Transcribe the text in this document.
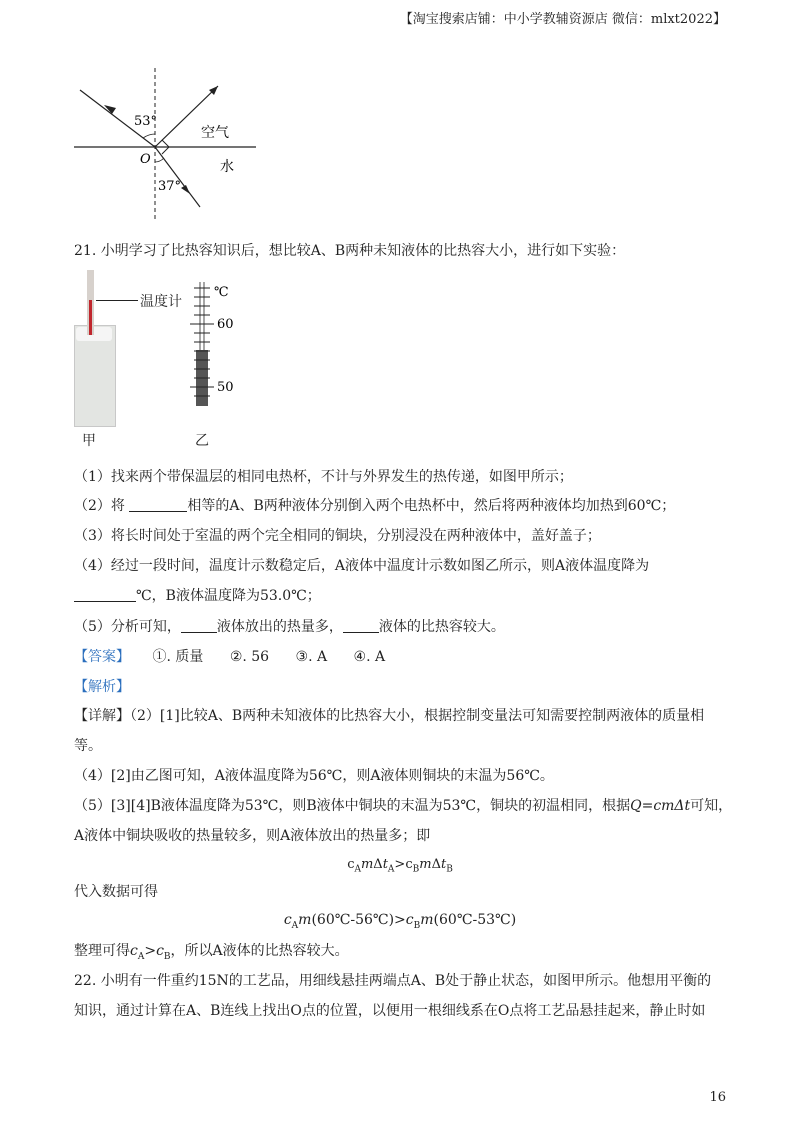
【淘宝搜索店铺：中小学教辅资源店 微信：mlxt2022】
53°
37°
O
空气
水
21. 小明学习了比热容知识后，想比较A、B两种未知液体的比热容大小，进行如下实验：
温度计
甲
℃
60
50
乙
（1）找来两个带保温层的相同电热杯，不计与外界发生的热传递，如图甲所示；
（2）将	相等的A、B两种液体分别倒入两个电热杯中，然后将两种液体均加热到60℃；
（3）将长时间处于室温的两个完全相同的铜块，分别浸没在两种液体中，盖好盖子；
（4）经过一段时间，温度计示数稳定后，A液体中温度计示数如图乙所示，则A液体温度降为
℃，B液体温度降为53.0℃；
（5）分析可知，	液体放出的热量多，	液体的比热容较大。
【答案】 ①. 质量 ②. 56 ③. A ④. A
【解析】
【详解】（2）[1]比较A、B两种未知液体的比热容大小，根据控制变量法可知需要控制两液体的质量相
等。
（4）[2]由乙图可知，A液体温度降为56℃，则A液体则铜块的末温为56℃。
（5）[3][4]B液体温度降为53℃，则B液体中铜块的末温为53℃，铜块的初温相同，根据Q=cmΔt可知，
A液体中铜块吸收的热量较多，则A液体放出的热量多；即
$c_Am\Delta t_A>c_Bm\Delta t_B$
代入数据可得
$c_Am(60℃-56℃)>c_Bm(60℃-53℃)$
整理可得$c_A>c_B$，所以A液体的比热容较大。
22. 小明有一件重约15N的工艺品，用细线悬挂两端点A、B处于静止状态，如图甲所示。他想用平衡的
知识，通过计算在A、B连线上找出O点的位置，以便用一根细线系在O点将工艺品悬挂起来，静止时如
16
